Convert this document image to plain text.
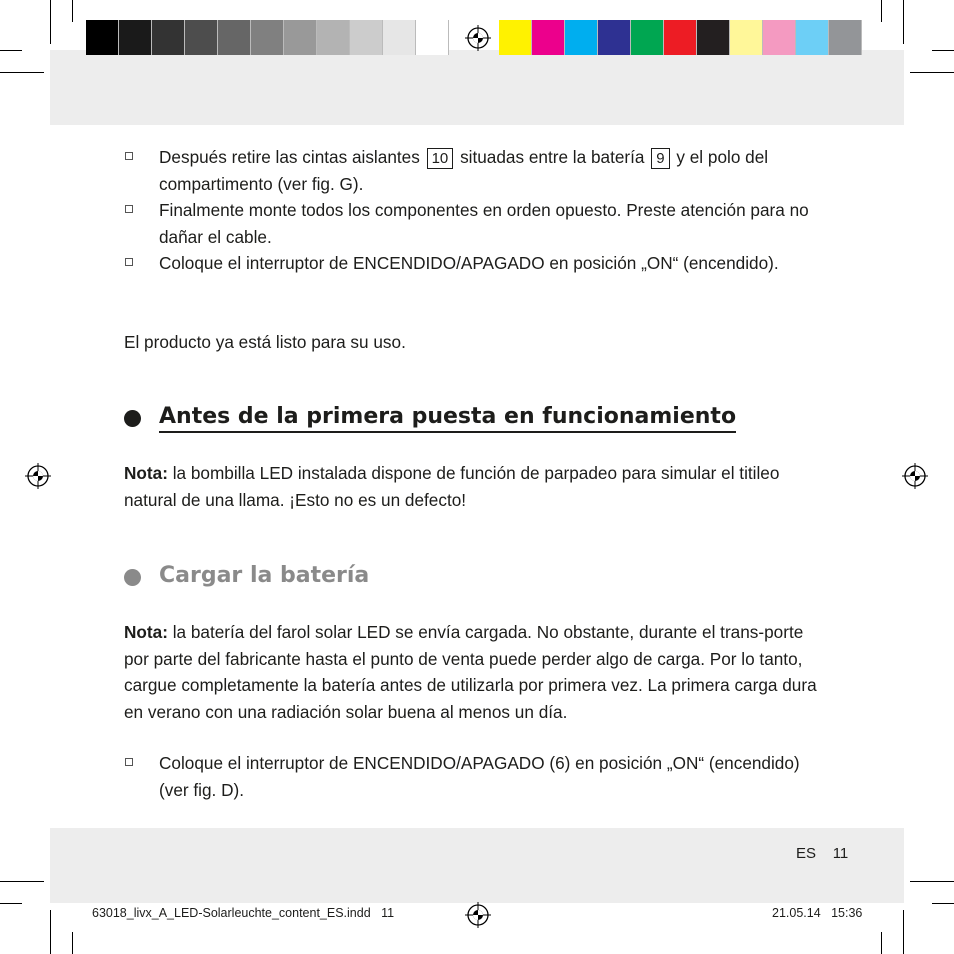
Después retire las cintas aislantes 10 situadas entre la batería 9 y el polo del compartimento (ver fig. G).

Finalmente monte todos los componentes en orden opuesto. Preste atención para no dañar el cable.

Coloque el interruptor de ENCENDIDO/APAGADO en posición „ON“ (encendido).

El producto ya está listo para su uso.

Antes de la primera puesta en funcionamiento

Nota: la bombilla LED instalada dispone de función de parpadeo para simular el titileo natural de una llama. ¡Esto no es un defecto!

Cargar la batería

Nota: la batería del farol solar LED se envía cargada. No obstante, durante el trans-porte por parte del fabricante hasta el punto de venta puede perder algo de carga. Por lo tanto, cargue completamente la batería antes de utilizarla por primera vez. La primera carga dura en verano con una radiación solar buena al menos un día.

Coloque el interruptor de ENCENDIDO/APAGADO (6) en posición „ON“ (encendido) (ver fig. D).

ES 11
63018_livx_A_LED-Solarleuchte_content_ES.indd   11	21.05.14   15:36
